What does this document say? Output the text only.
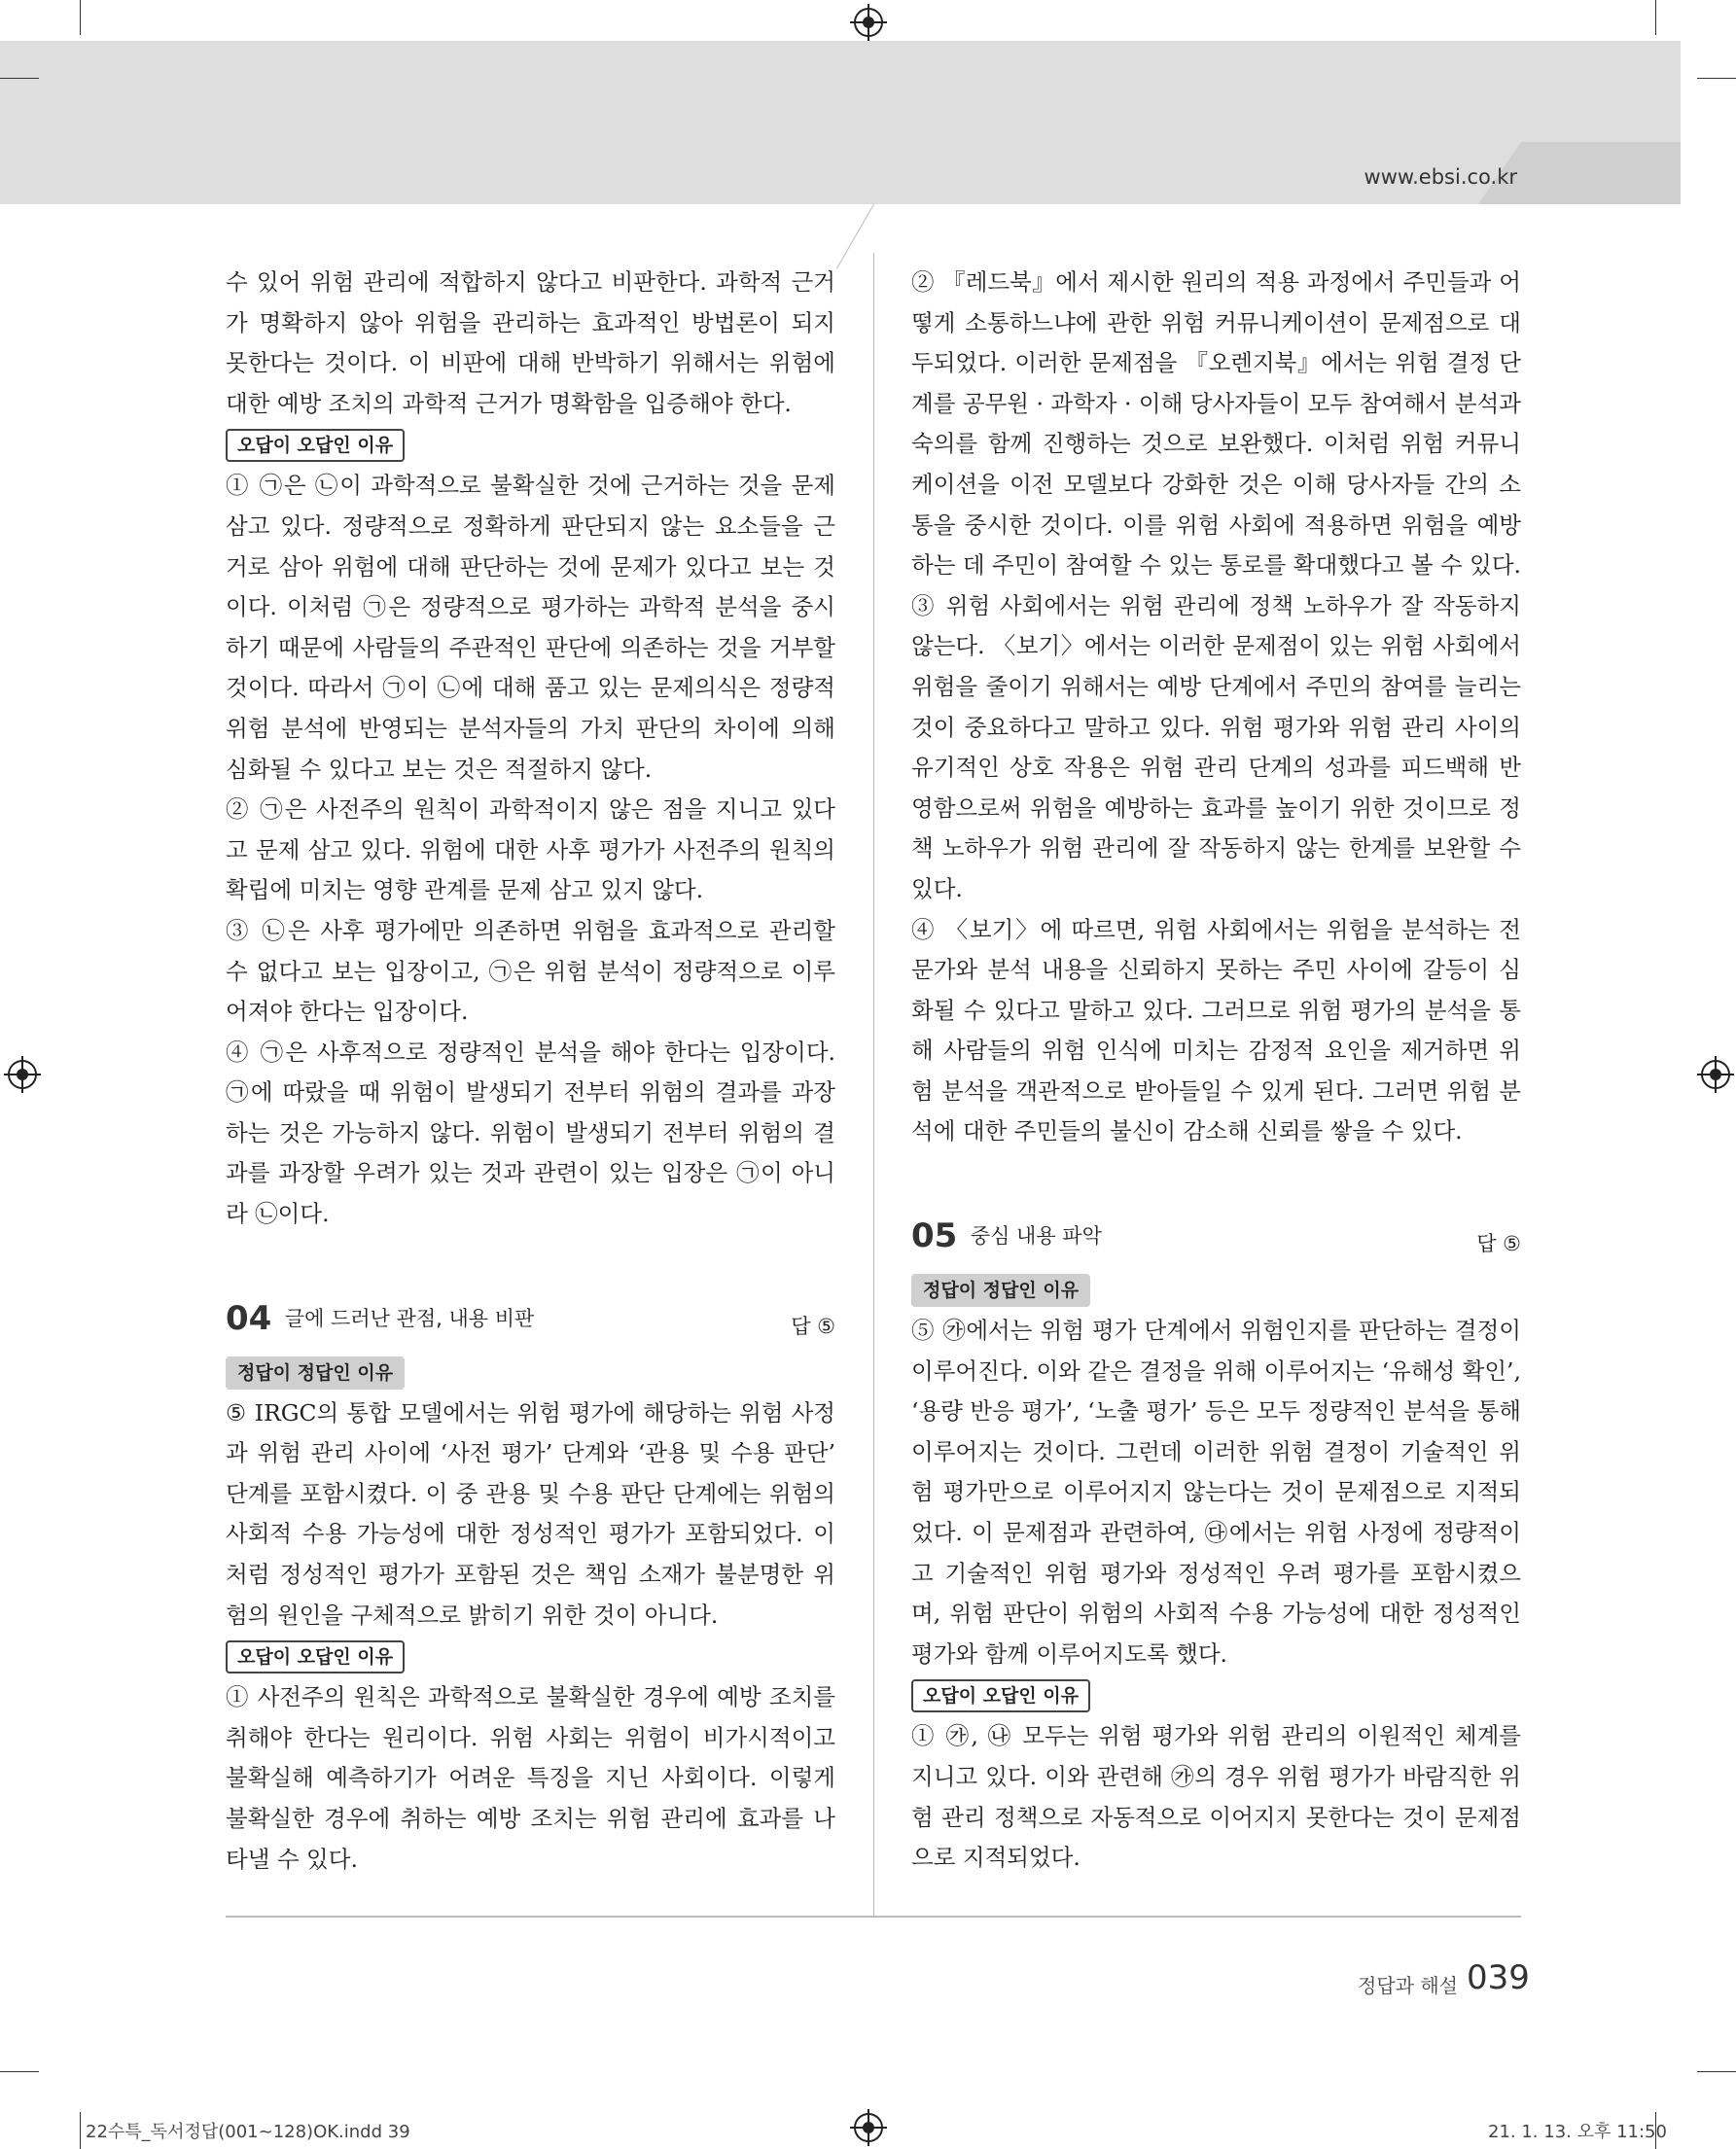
www.ebsi.co.kr

수 있어 위험 관리에 적합하지 않다고 비판한다. 과학적 근거가 명확하지 않아 위험을 관리하는 효과적인 방법론이 되지 못한다는 것이다. 이 비판에 대해 반박하기 위해서는 위험에 대한 예방 조치의 과학적 근거가 명확함을 입증해야 한다.

오답이 오답인 이유

① ㉠은 ㉡이 과학적으로 불확실한 것에 근거하는 것을 문제 삼고 있다. 정량적으로 정확하게 판단되지 않는 요소들을 근거로 삼아 위험에 대해 판단하는 것에 문제가 있다고 보는 것이다. 이처럼 ㉠은 정량적으로 평가하는 과학적 분석을 중시하기 때문에 사람들의 주관적인 판단에 의존하는 것을 거부할 것이다. 따라서 ㉠이 ㉡에 대해 품고 있는 문제의식은 정량적 위험 분석에 반영되는 분석자들의 가치 판단의 차이에 의해 심화될 수 있다고 보는 것은 적절하지 않다.

② ㉠은 사전주의 원칙이 과학적이지 않은 점을 지니고 있다고 문제 삼고 있다. 위험에 대한 사후 평가가 사전주의 원칙의 확립에 미치는 영향 관계를 문제 삼고 있지 않다.

③ ㉡은 사후 평가에만 의존하면 위험을 효과적으로 관리할 수 없다고 보는 입장이고, ㉠은 위험 분석이 정량적으로 이루어져야 한다는 입장이다.

④ ㉠은 사후적으로 정량적인 분석을 해야 한다는 입장이다. ㉠에 따랐을 때 위험이 발생되기 전부터 위험의 결과를 과장하는 것은 가능하지 않다. 위험이 발생되기 전부터 위험의 결과를 과장할 우려가 있는 것과 관련이 있는 입장은 ㉠이 아니라 ㉡이다.

04 글에 드러난 관점, 내용 비판	답 ⑤
정답이 정답인 이유

⑤ IRGC의 통합 모델에서는 위험 평가에 해당하는 위험 사정과 위험 관리 사이에 ‘사전 평가’ 단계와 ‘관용 및 수용 판단’ 단계를 포함시켰다. 이 중 관용 및 수용 판단 단계에는 위험의 사회적 수용 가능성에 대한 정성적인 평가가 포함되었다. 이처럼 정성적인 평가가 포함된 것은 책임 소재가 불분명한 위험의 원인을 구체적으로 밝히기 위한 것이 아니다.

오답이 오답인 이유

① 사전주의 원칙은 과학적으로 불확실한 경우에 예방 조치를 취해야 한다는 원리이다. 위험 사회는 위험이 비가시적이고 불확실해 예측하기가 어려운 특징을 지닌 사회이다. 이렇게 불확실한 경우에 취하는 예방 조치는 위험 관리에 효과를 나타낼 수 있다.

② 『레드북』에서 제시한 원리의 적용 과정에서 주민들과 어떻게 소통하느냐에 관한 위험 커뮤니케이션이 문제점으로 대두되었다. 이러한 문제점을 『오렌지북』에서는 위험 결정 단계를 공무원 · 과학자 · 이해 당사자들이 모두 참여해서 분석과 숙의를 함께 진행하는 것으로 보완했다. 이처럼 위험 커뮤니케이션을 이전 모델보다 강화한 것은 이해 당사자들 간의 소통을 중시한 것이다. 이를 위험 사회에 적용하면 위험을 예방하는 데 주민이 참여할 수 있는 통로를 확대했다고 볼 수 있다.

③ 위험 사회에서는 위험 관리에 정책 노하우가 잘 작동하지 않는다. 〈보기〉에서는 이러한 문제점이 있는 위험 사회에서 위험을 줄이기 위해서는 예방 단계에서 주민의 참여를 늘리는 것이 중요하다고 말하고 있다. 위험 평가와 위험 관리 사이의 유기적인 상호 작용은 위험 관리 단계의 성과를 피드백해 반영함으로써 위험을 예방하는 효과를 높이기 위한 것이므로 정책 노하우가 위험 관리에 잘 작동하지 않는 한계를 보완할 수 있다.

④ 〈보기〉에 따르면, 위험 사회에서는 위험을 분석하는 전문가와 분석 내용을 신뢰하지 못하는 주민 사이에 갈등이 심화될 수 있다고 말하고 있다. 그러므로 위험 평가의 분석을 통해 사람들의 위험 인식에 미치는 감정적 요인을 제거하면 위험 분석을 객관적으로 받아들일 수 있게 된다. 그러면 위험 분석에 대한 주민들의 불신이 감소해 신뢰를 쌓을 수 있다.

05 중심 내용 파악	답 ⑤
정답이 정답인 이유

⑤ ㉮에서는 위험 평가 단계에서 위험인지를 판단하는 결정이 이루어진다. 이와 같은 결정을 위해 이루어지는 ‘유해성 확인’, ‘용량 반응 평가’, ‘노출 평가’ 등은 모두 정량적인 분석을 통해 이루어지는 것이다. 그런데 이러한 위험 결정이 기술적인 위험 평가만으로 이루어지지 않는다는 것이 문제점으로 지적되었다. 이 문제점과 관련하여, ㉰에서는 위험 사정에 정량적이고 기술적인 위험 평가와 정성적인 우려 평가를 포함시켰으며, 위험 판단이 위험의 사회적 수용 가능성에 대한 정성적인 평가와 함께 이루어지도록 했다.

오답이 오답인 이유

① ㉮, ㉯ 모두는 위험 평가와 위험 관리의 이원적인 체계를 지니고 있다. 이와 관련해 ㉮의 경우 위험 평가가 바람직한 위험 관리 정책으로 자동적으로 이어지지 못한다는 것이 문제점으로 지적되었다.

정답과 해설 039
22수특_독서정답(001~128)OK.indd 39	21. 1. 13. 오후 11:50
